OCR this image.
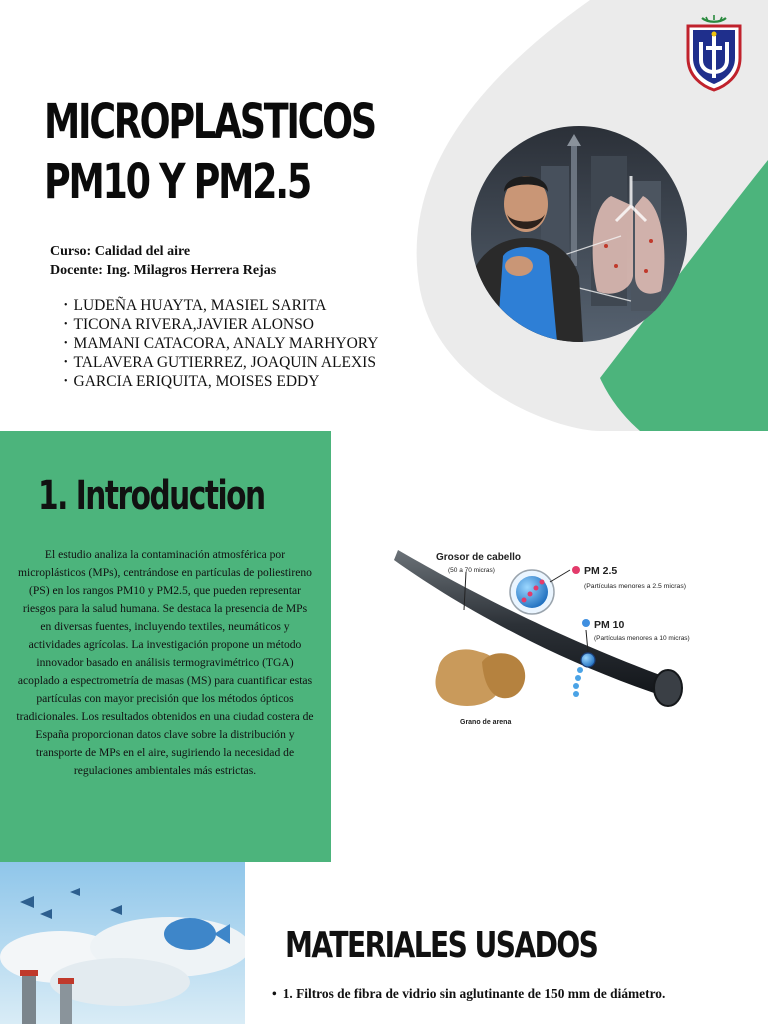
MICROPLASTICOS
PM10 Y PM2.5
Curso: Calidad del aire
Docente: Ing. Milagros Herrera Rejas
• LUDEÑA HUAYTA, MASIEL SARITA
• TICONA RIVERA,JAVIER ALONSO
• MAMANI CATACORA, ANALY MARHYORY
• TALAVERA GUTIERREZ, JOAQUIN ALEXIS
• GARCIA ERIQUITA, MOISES EDDY
1. Introduction

El estudio analiza la contaminación atmosférica por microplásticos (MPs), centrándose en partículas de poliestireno (PS) en los rangos PM10 y PM2.5, que pueden representar riesgos para la salud humana. Se destaca la presencia de MPs en diversas fuentes, incluyendo textiles, neumáticos y actividades agrícolas. La investigación propone un método innovador basado en análisis termogravimétrico (TGA) acoplado a espectrometría de masas (MS) para cuantificar estas partículas con mayor precisión que los métodos ópticos tradicionales. Los resultados obtenidos en una ciudad costera de España proporcionan datos clave sobre la distribución y transporte de MPs en el aire, sugiriendo la necesidad de regulaciones ambientales más estrictas.

Grosor de cabello
(50 a 70 micras)	PM 2.5
(Partículas menores a 2.5 micras)
PM 10
(Partículas menores a 10 micras)
Grano de arena
MATERIALES USADOS
• 1. Filtros de fibra de vidrio sin aglutinante de 150 mm de diámetro.
